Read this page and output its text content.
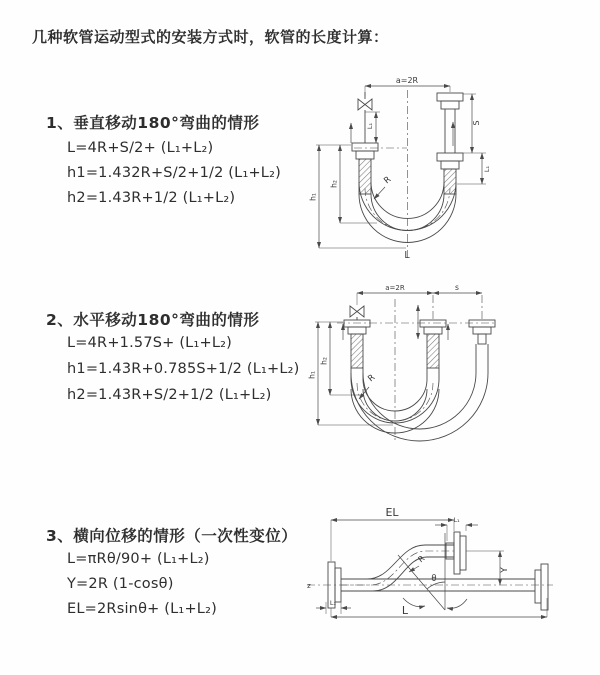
几种软管运动型式的安装方式时，软管的长度计算：
1、垂直移动180°弯曲的情形
L=4R+S/2+ (L₁+L₂)
h1=1.432R+S/2+1/2 (L₁+L₂)
h2=1.43R+1/2 (L₁+L₂)
a=2R
h₁
h₂
L₁	S
L₁
R
L
2、水平移动180°弯曲的情形
L=4R+1.57S+ (L₁+L₂)
h1=1.43R+0.785S+1/2 (L₁+L₂)
h2=1.43R+S/2+1/2 (L₁+L₂)
a=2R	s
h₁
h₂
R
3、横向位移的情形（一次性变位）
L=πRθ/90+ (L₁+L₂)
Y=2R (1-cosθ)
EL=2Rsinθ+ (L₁+L₂)
EL
L₁
Y
θ
R
L
L₁
z
